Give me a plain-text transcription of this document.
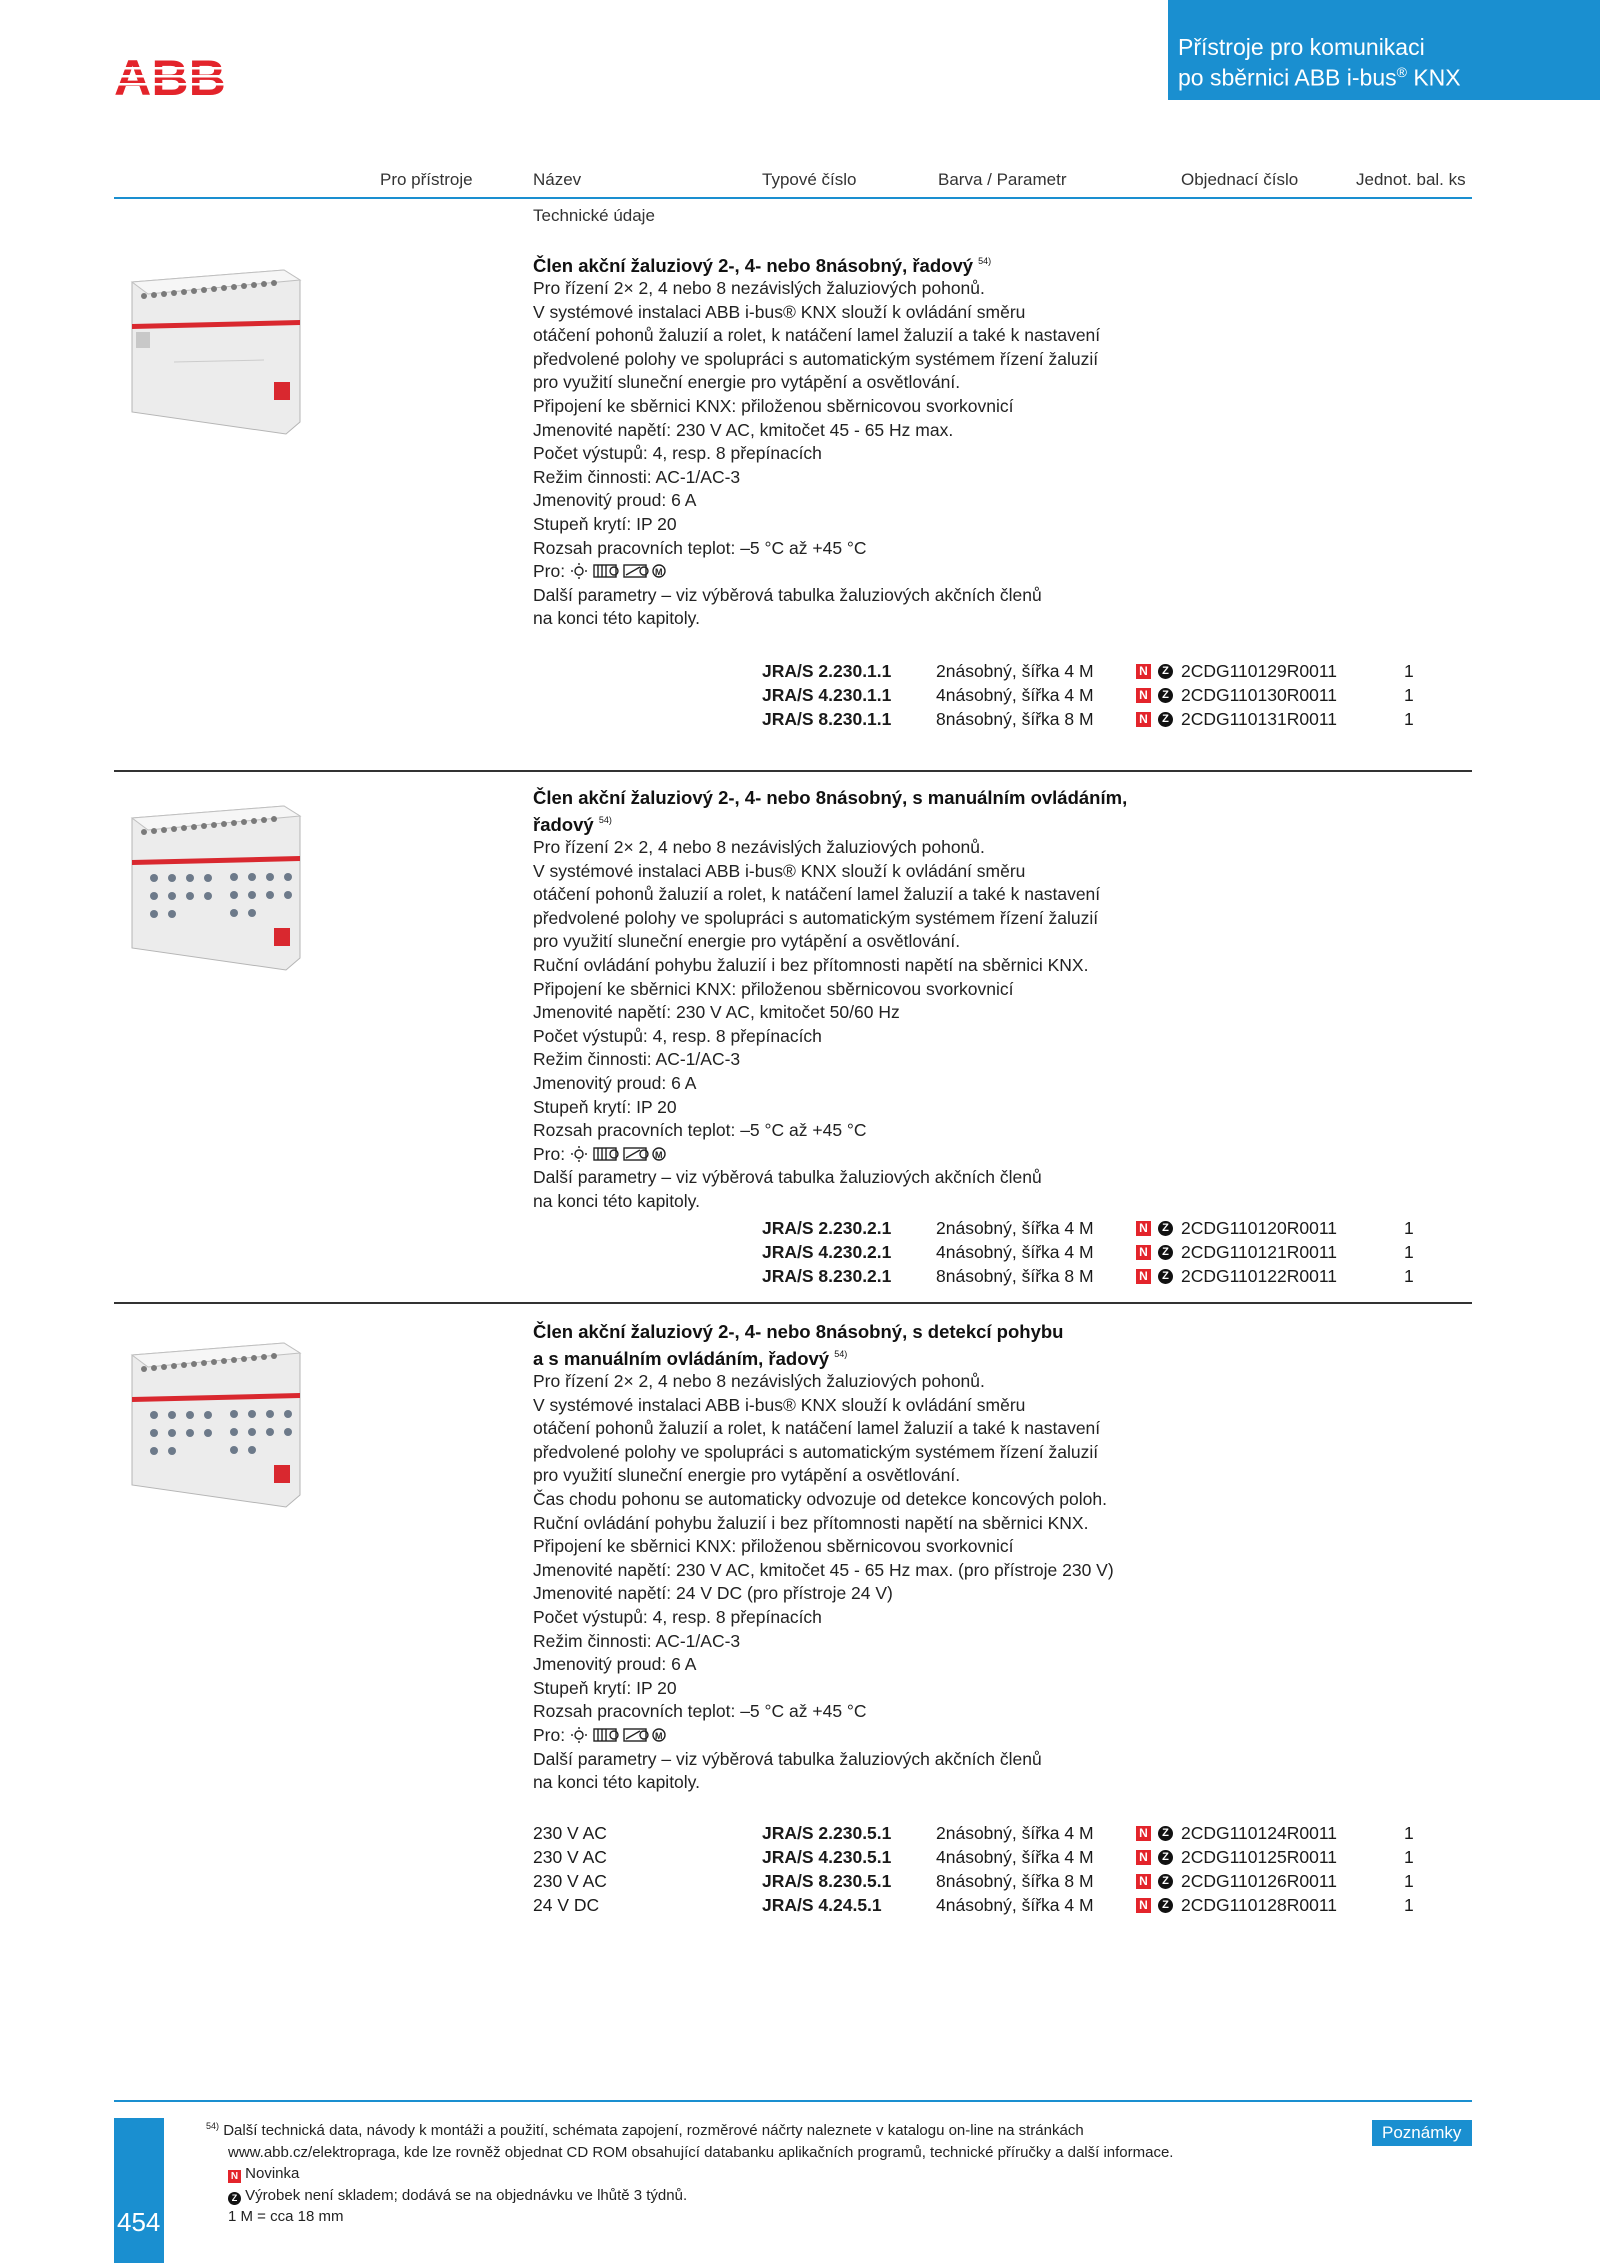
Přístroje pro komunikaci
po sběrnici ABB i-bus® KNX
Pro přístroje	Název	Typové číslo	Barva / Parametr	Objednací číslo	Jednot. bal. ks
Technické údaje
Člen akční žaluziový 2-, 4- nebo 8násobný, řadový $^{54)}$
Pro řízení 2× 2, 4 nebo 8 nezávislých žaluziových pohonů.
V systémové instalaci ABB i-bus® KNX slouží k ovládání směru
otáčení pohonů žaluzií a rolet, k natáčení lamel žaluzií a také k nastavení
předvolené polohy ve spolupráci s automatickým systémem řízení žaluzií
pro využití sluneční energie pro vytápění a osvětlování.
Připojení ke sběrnici KNX: přiloženou sběrnicovou svorkovnicí
Jmenovité napětí: 230 V AC, kmitočet 45 - 65 Hz max.
Počet výstupů: 4, resp. 8 přepínacích
Režim činnosti: AC-1/AC-3
Jmenovitý proud: 6 A
Stupeň krytí: IP 20
Rozsah pracovních teplot: –5 °C až +45 °C
Pro:	M
Další parametry – viz výběrová tabulka žaluziových akčních členů
na konci této kapitoly.
JRA/S 2.230.1.1	2násobný, šířka 4 M	N	Z 2CDG110129R0011	1
JRA/S 4.230.1.1	4násobný, šířka 4 M	N	Z 2CDG110130R0011	1
JRA/S 8.230.1.1	8násobný, šířka 8 M	N	Z 2CDG110131R0011	1
Člen akční žaluziový 2-, 4- nebo 8násobný, s manuálním ovládáním, řadový $^{54)}$
Pro řízení 2× 2, 4 nebo 8 nezávislých žaluziových pohonů.
V systémové instalaci ABB i-bus® KNX slouží k ovládání směru
otáčení pohonů žaluzií a rolet, k natáčení lamel žaluzií a také k nastavení
předvolené polohy ve spolupráci s automatickým systémem řízení žaluzií
pro využití sluneční energie pro vytápění a osvětlování.
Ruční ovládání pohybu žaluzií i bez přítomnosti napětí na sběrnici KNX.
Připojení ke sběrnici KNX: přiloženou sběrnicovou svorkovnicí
Jmenovité napětí: 230 V AC, kmitočet 50/60 Hz
Počet výstupů: 4, resp. 8 přepínacích
Režim činnosti: AC-1/AC-3
Jmenovitý proud: 6 A
Stupeň krytí: IP 20
Rozsah pracovních teplot: –5 °C až +45 °C
Pro:	M
Další parametry – viz výběrová tabulka žaluziových akčních členů
na konci této kapitoly.
JRA/S 2.230.2.1	2násobný, šířka 4 M	N	Z 2CDG110120R0011	1
JRA/S 4.230.2.1	4násobný, šířka 4 M	N	Z 2CDG110121R0011	1
JRA/S 8.230.2.1	8násobný, šířka 8 M	N	Z 2CDG110122R0011	1
Člen akční žaluziový 2-, 4- nebo 8násobný, s detekcí pohybu
a s manuálním ovládáním, řadový $^{54)}$
Pro řízení 2× 2, 4 nebo 8 nezávislých žaluziových pohonů.
V systémové instalaci ABB i-bus® KNX slouží k ovládání směru
otáčení pohonů žaluzií a rolet, k natáčení lamel žaluzií a také k nastavení
předvolené polohy ve spolupráci s automatickým systémem řízení žaluzií
pro využití sluneční energie pro vytápění a osvětlování.
Čas chodu pohonu se automaticky odvozuje od detekce koncových poloh.
Ruční ovládání pohybu žaluzií i bez přítomnosti napětí na sběrnici KNX.
Připojení ke sběrnici KNX: přiloženou sběrnicovou svorkovnicí
Jmenovité napětí: 230 V AC, kmitočet 45 - 65 Hz max. (pro přístroje 230 V)
Jmenovité napětí: 24 V DC (pro přístroje 24 V)
Počet výstupů: 4, resp. 8 přepínacích
Režim činnosti: AC-1/AC-3
Jmenovitý proud: 6 A
Stupeň krytí: IP 20
Rozsah pracovních teplot: –5 °C až +45 °C
Pro:	M
Další parametry – viz výběrová tabulka žaluziových akčních členů
na konci této kapitoly.
230 V AC	JRA/S 2.230.5.1	2násobný, šířka 4 M	N	Z 2CDG110124R0011	1
230 V AC	JRA/S 4.230.5.1	4násobný, šířka 4 M	N	Z 2CDG110125R0011	1
230 V AC	JRA/S 8.230.5.1	8násobný, šířka 8 M	N	Z 2CDG110126R0011	1
24 V DC	JRA/S 4.24.5.1	4násobný, šířka 4 M	N	Z 2CDG110128R0011	1
454
Poznámky
$^{54)}$ Další technická data, návody k montáži a použití, schémata zapojení, rozměrové náčrty naleznete v katalogu on-line na stránkách
www.abb.cz/elektropraga, kde lze rovněž objednat CD ROM obsahující databanku aplikačních programů, technické příručky a další informace.
N Novinka
Z Výrobek není skladem; dodává se na objednávku ve lhůtě 3 týdnů.
1 M = cca 18 mm
